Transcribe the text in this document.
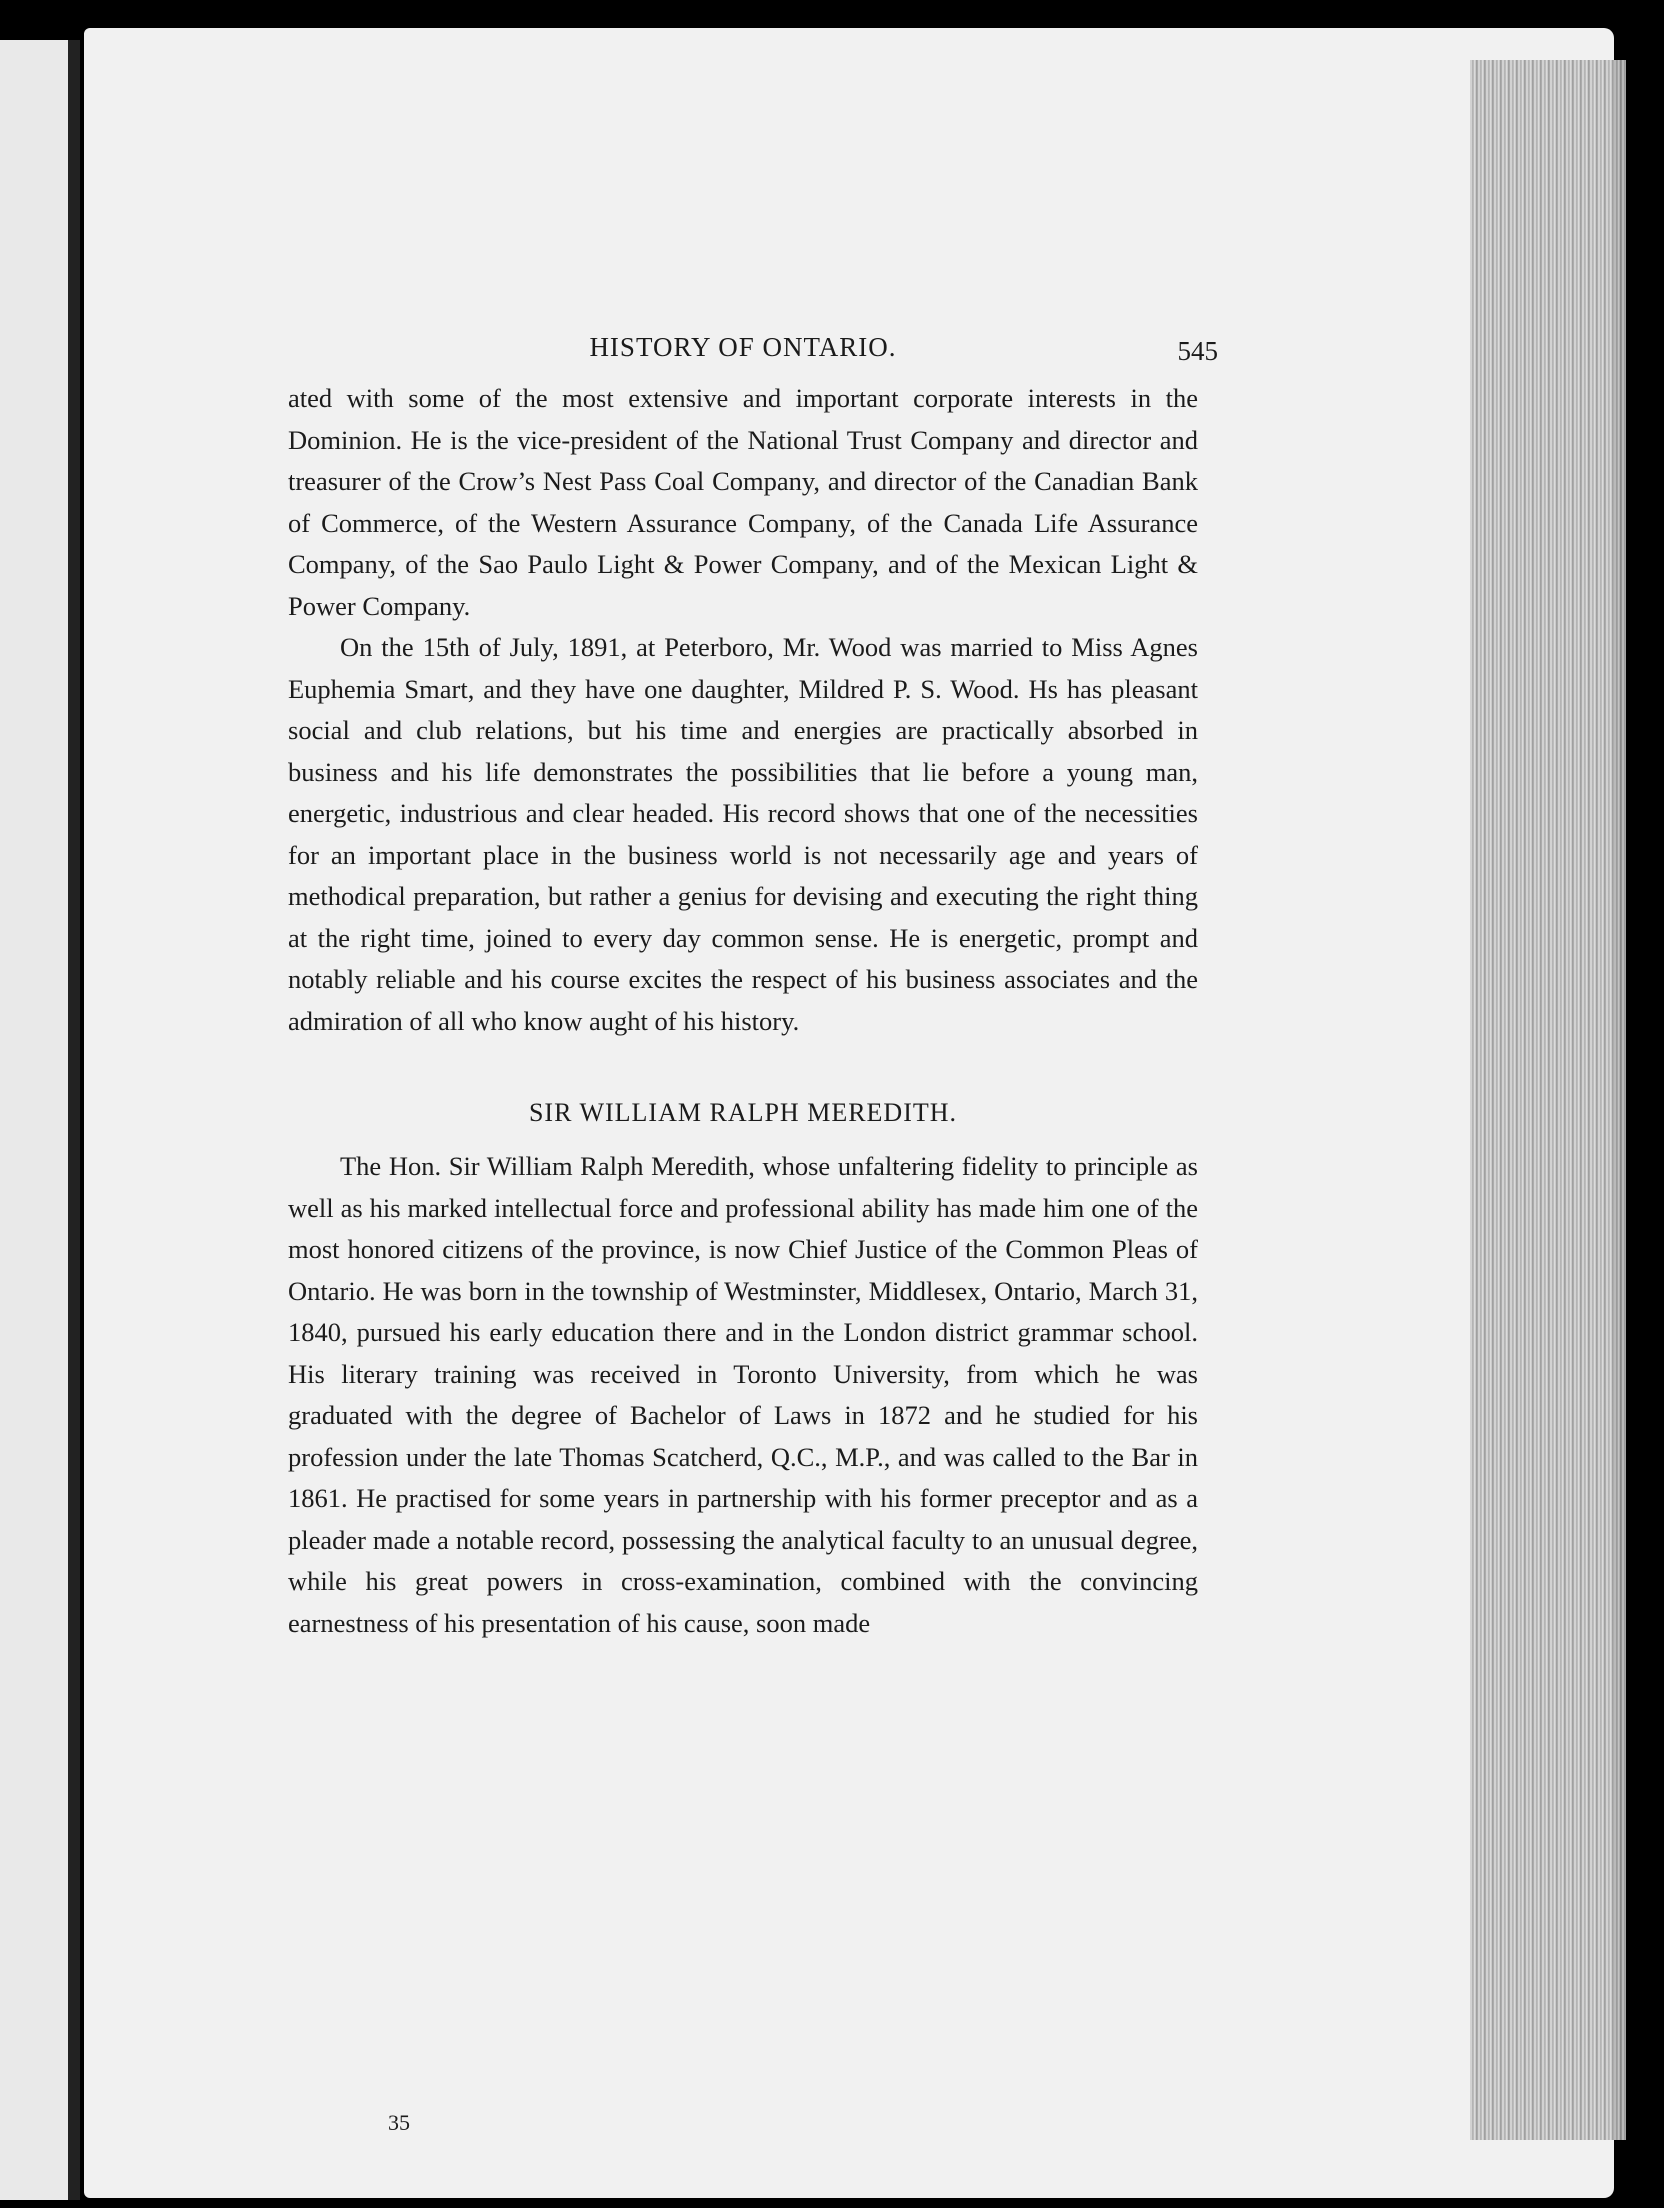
HISTORY OF ONTARIO.	545

ated with some of the most extensive and important corporate interests in the Dominion. He is the vice-president of the National Trust Company and director and treasurer of the Crow’s Nest Pass Coal Company, and director of the Canadian Bank of Commerce, of the Western Assurance Company, of the Canada Life Assurance Company, of the Sao Paulo Light & Power Company, and of the Mexican Light & Power Company.

On the 15th of July, 1891, at Peterboro, Mr. Wood was married to Miss Agnes Euphemia Smart, and they have one daughter, Mildred P. S. Wood. Hs has pleasant social and club relations, but his time and energies are practically absorbed in business and his life demonstrates the possibilities that lie before a young man, energetic, industrious and clear headed. His record shows that one of the necessities for an important place in the business world is not necessarily age and years of methodical preparation, but rather a genius for devising and executing the right thing at the right time, joined to every day common sense. He is energetic, prompt and notably reliable and his course excites the respect of his business associates and the admiration of all who know aught of his history.

SIR WILLIAM RALPH MEREDITH.

The Hon. Sir William Ralph Meredith, whose unfaltering fidelity to principle as well as his marked intellectual force and professional ability has made him one of the most honored citizens of the province, is now Chief Justice of the Common Pleas of Ontario. He was born in the township of Westminster, Middlesex, Ontario, March 31, 1840, pursued his early education there and in the London district grammar school. His literary training was received in Toronto University, from which he was graduated with the degree of Bachelor of Laws in 1872 and he studied for his profession under the late Thomas Scatcherd, Q.C., M.P., and was called to the Bar in 1861. He practised for some years in partnership with his former preceptor and as a pleader made a notable record, possessing the analytical faculty to an unusual degree, while his great powers in cross-examination, combined with the convincing earnestness of his presentation of his cause, soon made

35
